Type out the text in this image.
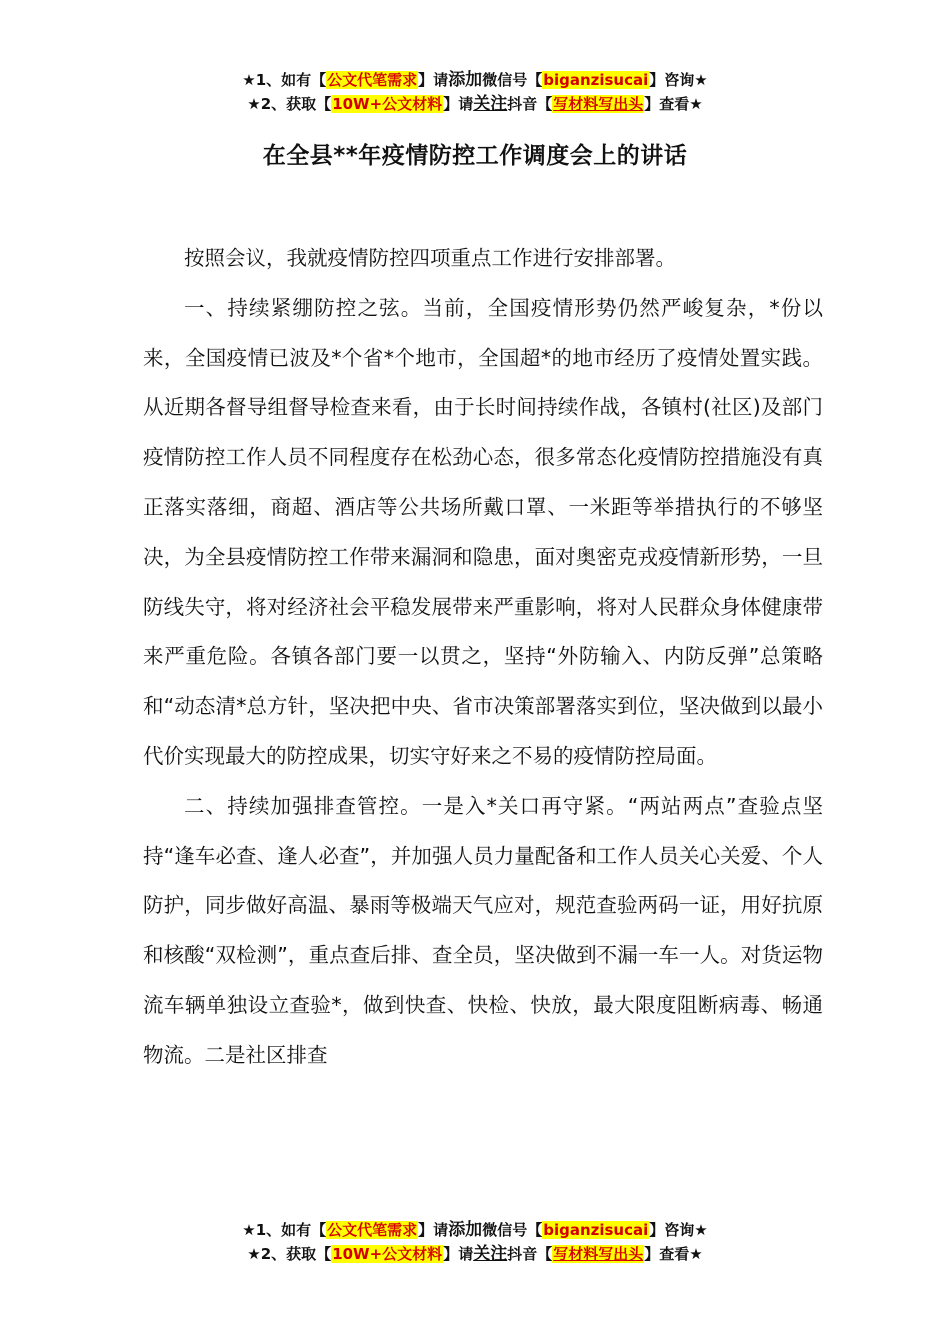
★1、如有【公文代笔需求】请添加微信号【biganzisucai】咨询★
★2、获取【10W+公文材料】请关注抖音【写材料写出头】查看★
在全县**年疫情防控工作调度会上的讲话

按照会议，我就疫情防控四项重点工作进行安排部署。

一、持续紧绷防控之弦。当前，全国疫情形势仍然严峻复杂，*份以来，全国疫情已波及*个省*个地市，全国超*的地市经历了疫情处置实践。从近期各督导组督导检查来看，由于长时间持续作战，各镇村(社区)及部门疫情防控工作人员不同程度存在松劲心态，很多常态化疫情防控措施没有真正落实落细，商超、酒店等公共场所戴口罩、一米距等举措执行的不够坚决，为全县疫情防控工作带来漏洞和隐患，面对奥密克戎疫情新形势，一旦防线失守，将对经济社会平稳发展带来严重影响，将对人民群众身体健康带来严重危险。各镇各部门要一以贯之，坚持“外防输入、内防反弹”总策略和“动态清*总方针，坚决把中央、省市决策部署落实到位，坚决做到以最小代价实现最大的防控成果，切实守好来之不易的疫情防控局面。

二、持续加强排查管控。一是入*关口再守紧。“两站两点”查验点坚持“逢车必查、逢人必查”，并加强人员力量配备和工作人员关心关爱、个人防护，同步做好高温、暴雨等极端天气应对，规范查验两码一证，用好抗原和核酸“双检测”，重点查后排、查全员，坚决做到不漏一车一人。对货运物流车辆单独设立查验*，做到快查、快检、快放，最大限度阻断病毒、畅通物流。二是社区排查

★1、如有【公文代笔需求】请添加微信号【biganzisucai】咨询★
★2、获取【10W+公文材料】请关注抖音【写材料写出头】查看★
